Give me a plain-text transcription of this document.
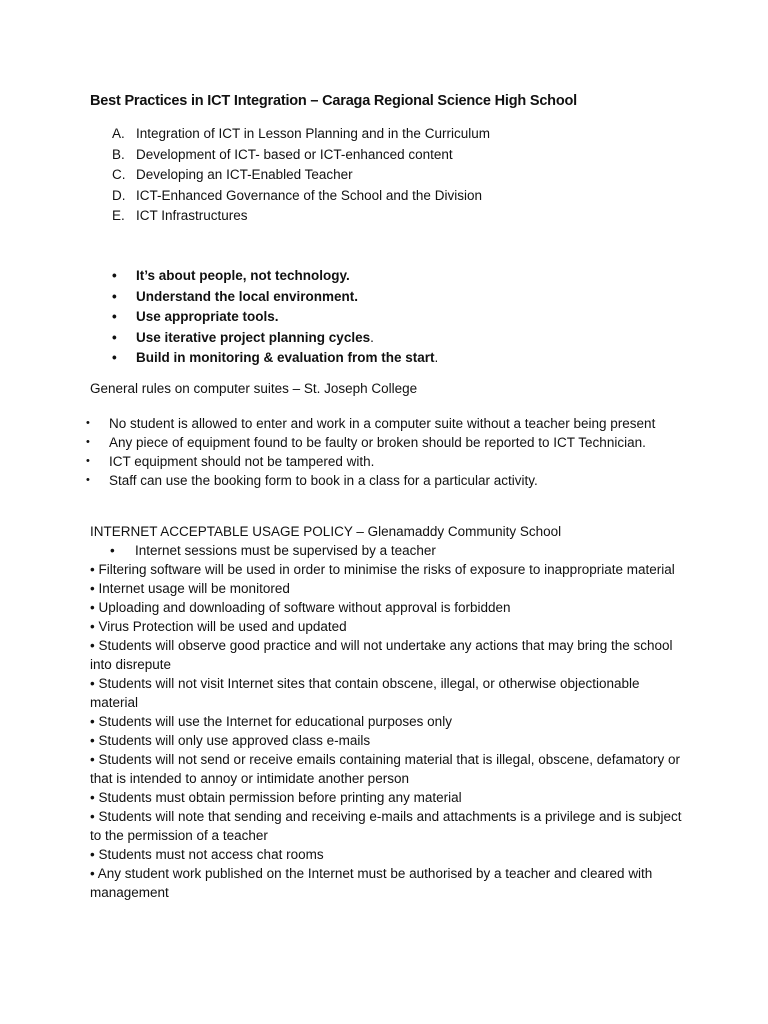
Best Practices in ICT Integration – Caraga Regional Science High School
A. Integration of ICT in Lesson Planning and in the Curriculum
B. Development of ICT- based or ICT-enhanced content
C. Developing an ICT-Enabled Teacher
D. ICT-Enhanced Governance of the School and the Division
E. ICT Infrastructures
•	It’s about people, not technology.
•	Understand the local environment.
•	Use appropriate tools.
•	Use iterative project planning cycles .
•	Build in monitoring & evaluation from the start .
General rules on computer suites – St. Joseph College
•	No student is allowed to enter and work in a computer suite without a teacher being present
•	Any piece of equipment found to be faulty or broken should be reported to ICT Technician.
•	ICT equipment should not be tampered with.
•	Staff can use the booking form to book in a class for a particular activity.
INTERNET ACCEPTABLE USAGE POLICY – Glenamaddy Community School
•	Internet sessions must be supervised by a teacher

• Filtering software will be used in order to minimise the risks of exposure to inappropriate material

• Internet usage will be monitored

• Uploading and downloading of software without approval is forbidden

• Virus Protection will be used and updated

• Students will observe good practice and will not undertake any actions that may bring the school into disrepute

• Students will not visit Internet sites that contain obscene, illegal, or otherwise objectionable material

• Students will use the Internet for educational purposes only

• Students will only use approved class e-mails

• Students will not send or receive emails containing material that is illegal, obscene, defamatory or that is intended to annoy or intimidate another person

• Students must obtain permission before printing any material

• Students will note that sending and receiving e-mails and attachments is a privilege and is subject to the permission of a teacher

• Students must not access chat rooms

• Any student work published on the Internet must be authorised by a teacher and cleared with management
